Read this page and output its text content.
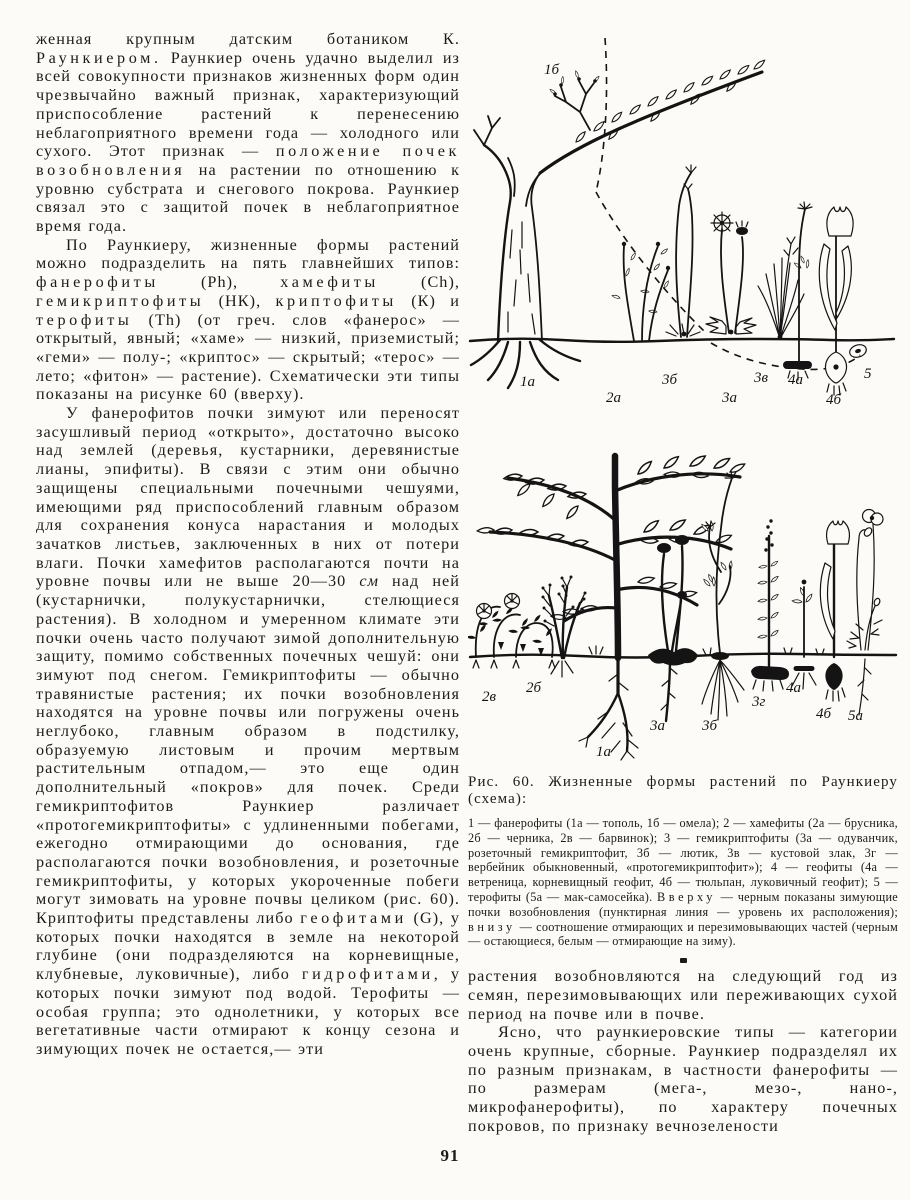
женная крупным датским ботаником К. Раункиером. Раункиер очень удачно выделил из всей совокупности признаков жизненных форм один чрезвычайно важный признак, характеризующий приспособление растений к перенесению неблагоприятного времени года — холодного или сухого. Этот признак — положение почек возобновления на растении по отношению к уровню субстрата и снегового покрова. Раункиер связал это с защитой почек в неблагоприятное время года.

По Раункиеру, жизненные формы растений можно подразделить на пять главнейших типов: фанерофиты (Ph), хамефиты (Ch), гемикриптофиты (НК), криптофиты (К) и терофиты (Th) (от греч. слов «фанерос» — открытый, явный; «хаме» — низкий, приземистый; «геми» — полу-; «криптос» — скрытый; «терос» — лето; «фитон» — растение). Схематически эти типы показаны на рисунке 60 (вверху).

У фанерофитов почки зимуют или переносят засушливый период «открыто», достаточно высоко над землей (деревья, кустарники, деревянистые лианы, эпифиты). В связи с этим они обычно защищены специальными почечными чешуями, имеющими ряд приспособлений главным образом для сохранения конуса нарастания и молодых зачатков листьев, заключенных в них от потери влаги. Почки хамефитов располагаются почти на уровне почвы или не выше 20—30 см над ней (кустарнички, полукустарнички, стелющиеся растения). В холодном и умеренном климате эти почки очень часто получают зимой дополнительную защиту, помимо собственных почечных чешуй: они зимуют под снегом. Гемикриптофиты — обычно травянистые растения; их почки возобновления находятся на уровне почвы или погружены очень неглубоко, главным образом в подстилку, образуемую листовым и прочим мертвым растительным отпадом,— это еще один дополнительный «покров» для почек. Среди гемикриптофитов Раункиер различает «протогемикриптофиты» с удлиненными побегами, ежегодно отмирающими до основания, где располагаются почки возобновления, и розеточные гемикриптофиты, у которых укороченные побеги могут зимовать на уровне почвы целиком (рис. 60). Криптофиты представлены либо геофитами (G), у которых почки находятся в земле на некоторой глубине (они подразделяются на корневищные, клубневые, луковичные), либо гидрофитами, у которых почки зимуют под водой. Терофиты — особая группа; это однолетники, у которых все вегетативные части отмирают к концу сезона и зимующих почек не остается,— эти

1б
1а
2а
3б
3а
3в 4а
4б
5
2в
2б
1а
3а 3б
3г
4а
4б 5а
Рис. 60. Жизненные формы растений по Раункиеру
(схема):

1 — фанерофиты (1а — тополь, 1б — омела); 2 — хамефиты (2а — брусника, 2б — черника, 2в — барвинок); 3 — гемикриптофиты (3а — одуванчик, розеточный гемикриптофит, 3б — лютик, 3в — кустовой злак, 3г — вербейник обыкновенный, «протогемикриптофит»); 4 — геофиты (4а — ветреница, корневищный геофит, 4б — тюльпан, луковичный геофит); 5 — терофиты (5а — мак-самосейка). Вверху — черным показаны зимующие почки возобновления (пунктирная линия — уровень их расположения); внизу — соотношение отмирающих и перезимовывающих частей (черным — остающиеся, белым — отмирающие на зиму).

растения возобновляются на следующий год из семян, перезимовывающих или переживающих сухой период на почве или в почве.

Ясно, что раункиеровские типы — категории очень крупные, сборные. Раункиер подразделял их по разным признакам, в частности фанерофиты — по размерам (мега-, мезо-, нано-, микрофанерофиты), по характеру почечных покровов, по признаку вечнозелености

91
